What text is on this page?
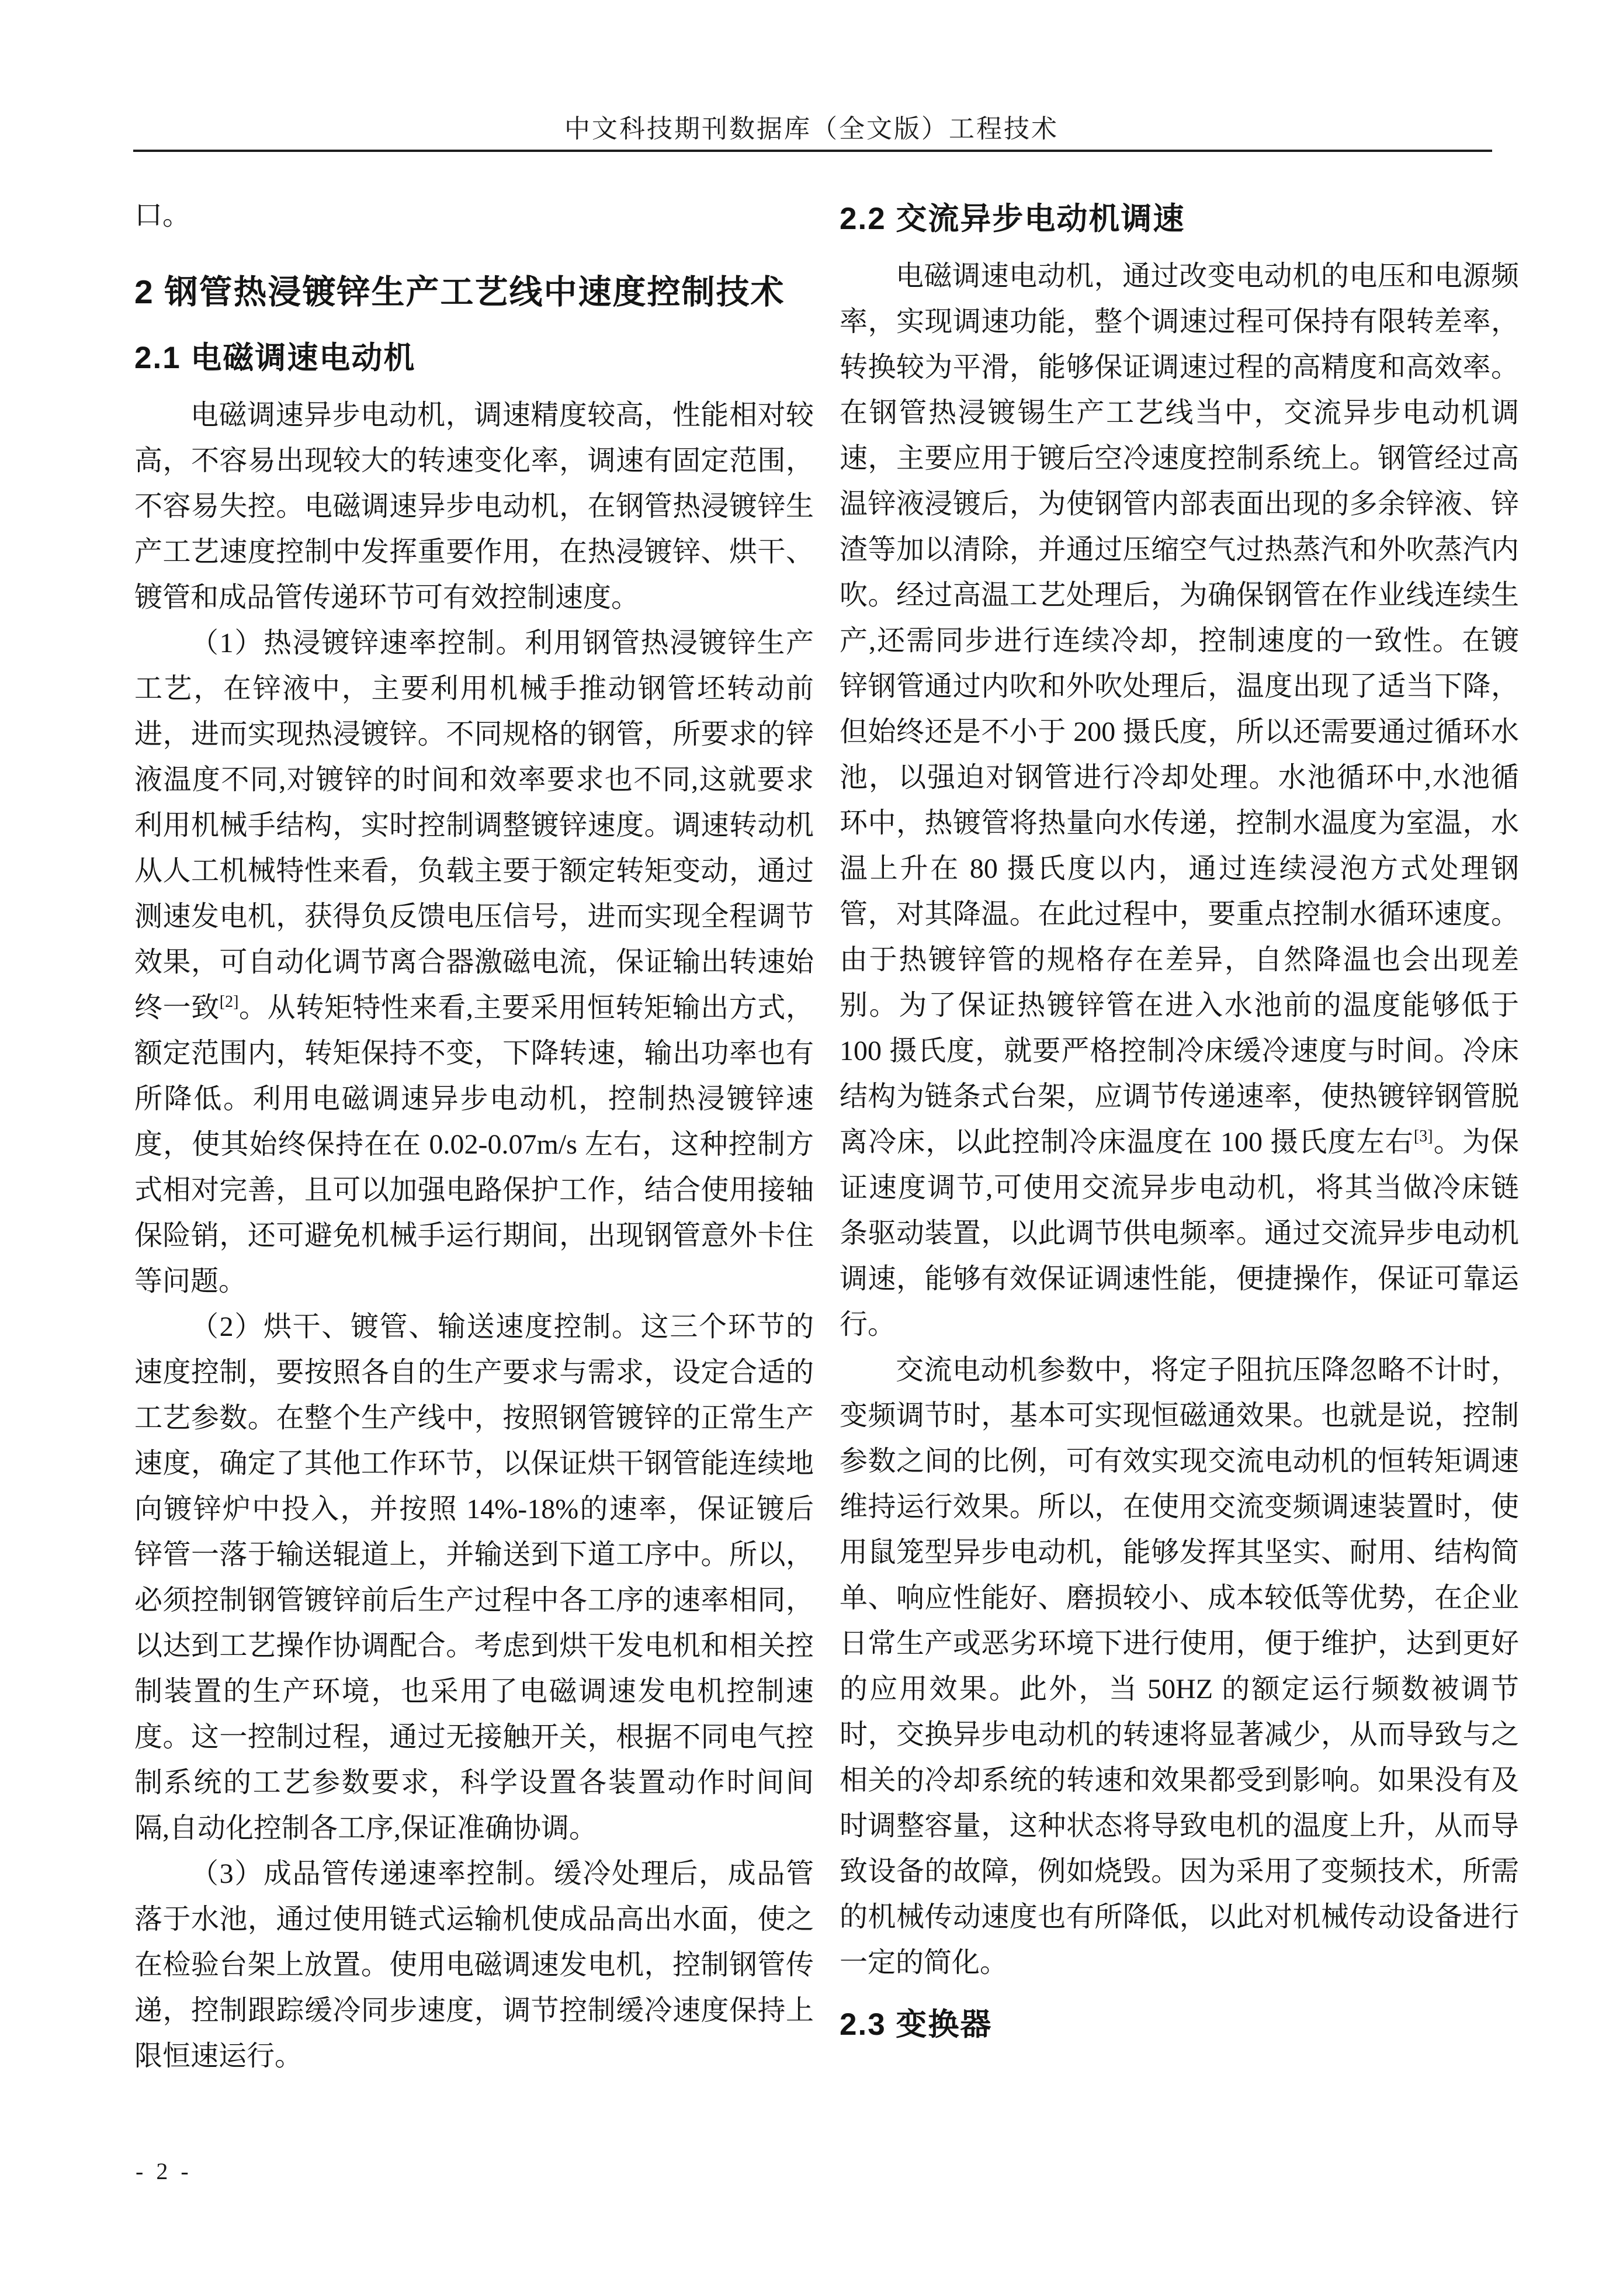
中文科技期刊数据库（全文版）工程技术
口。
2 钢管热浸镀锌生产工艺线中速度控制技术
2.1 电磁调速电动机
电磁调速异步电动机，调速精度较高，性能相对较高，不容易出现较大的转速变化率，调速有固定范围，不容易失控。电磁调速异步电动机，在钢管热浸镀锌生产工艺速度控制中发挥重要作用，在热浸镀锌、烘干、镀管和成品管传递环节可有效控制速度。
（1）热浸镀锌速率控制。利用钢管热浸镀锌生产工艺，在锌液中，主要利用机械手推动钢管坯转动前进，进而实现热浸镀锌。不同规格的钢管，所要求的锌液温度不同,对镀锌的时间和效率要求也不同,这就要求利用机械手结构，实时控制调整镀锌速度。调速转动机从人工机械特性来看，负载主要于额定转矩变动，通过测速发电机，获得负反馈电压信号，进而实现全程调节效果，可自动化调节离合器激磁电流，保证输出转速始终一致[2]。从转矩特性来看,主要采用恒转矩输出方式，额定范围内，转矩保持不变，下降转速，输出功率也有所降低。利用电磁调速异步电动机，控制热浸镀锌速度，使其始终保持在在 0.02-0.07m/s 左右，这种控制方式相对完善，且可以加强电路保护工作，结合使用接轴保险销，还可避免机械手运行期间，出现钢管意外卡住等问题。
（2）烘干、镀管、输送速度控制。这三个环节的速度控制，要按照各自的生产要求与需求，设定合适的工艺参数。在整个生产线中，按照钢管镀锌的正常生产速度，确定了其他工作环节，以保证烘干钢管能连续地向镀锌炉中投入，并按照 14%-18%的速率，保证镀后锌管一落于输送辊道上，并输送到下道工序中。所以，必须控制钢管镀锌前后生产过程中各工序的速率相同，以达到工艺操作协调配合。考虑到烘干发电机和相关控制装置的生产环境，也采用了电磁调速发电机控制速度。这一控制过程，通过无接触开关，根据不同电气控制系统的工艺参数要求，科学设置各装置动作时间间隔,自动化控制各工序,保证准确协调。
（3）成品管传递速率控制。缓冷处理后，成品管落于水池，通过使用链式运输机使成品高出水面，使之在检验台架上放置。使用电磁调速发电机，控制钢管传递，控制跟踪缓冷同步速度，调节控制缓冷速度保持上限恒速运行。
2.2 交流异步电动机调速
电磁调速电动机，通过改变电动机的电压和电源频率，实现调速功能，整个调速过程可保持有限转差率，转换较为平滑，能够保证调速过程的高精度和高效率。在钢管热浸镀锡生产工艺线当中，交流异步电动机调速，主要应用于镀后空冷速度控制系统上。钢管经过高温锌液浸镀后，为使钢管内部表面出现的多余锌液、锌渣等加以清除，并通过压缩空气过热蒸汽和外吹蒸汽内吹。经过高温工艺处理后，为确保钢管在作业线连续生产,还需同步进行连续冷却，控制速度的一致性。在镀锌钢管通过内吹和外吹处理后，温度出现了适当下降，但始终还是不小于 200 摄氏度，所以还需要通过循环水池，以强迫对钢管进行冷却处理。水池循环中,水池循环中，热镀管将热量向水传递，控制水温度为室温，水温上升在 80 摄氏度以内，通过连续浸泡方式处理钢管，对其降温。在此过程中，要重点控制水循环速度。由于热镀锌管的规格存在差异，自然降温也会出现差别。为了保证热镀锌管在进入水池前的温度能够低于 100 摄氏度，就要严格控制冷床缓冷速度与时间。冷床结构为链条式台架，应调节传递速率，使热镀锌钢管脱离冷床，以此控制冷床温度在 100 摄氏度左右[3]。为保证速度调节,可使用交流异步电动机，将其当做冷床链条驱动装置，以此调节供电频率。通过交流异步电动机调速，能够有效保证调速性能，便捷操作，保证可靠运行。
交流电动机参数中，将定子阻抗压降忽略不计时，变频调节时，基本可实现恒磁通效果。也就是说，控制参数之间的比例，可有效实现交流电动机的恒转矩调速维持运行效果。所以，在使用交流变频调速装置时，使用鼠笼型异步电动机，能够发挥其坚实、耐用、结构简单、响应性能好、磨损较小、成本较低等优势，在企业日常生产或恶劣环境下进行使用，便于维护，达到更好的应用效果。此外，当 50HZ 的额定运行频数被调节时，交换异步电动机的转速将显著减少，从而导致与之相关的冷却系统的转速和效果都受到影响。如果没有及时调整容量，这种状态将导致电机的温度上升，从而导致设备的故障，例如烧毁。因为采用了变频技术，所需的机械传动速度也有所降低，以此对机械传动设备进行一定的简化。
2.3 变换器
- 2 -
